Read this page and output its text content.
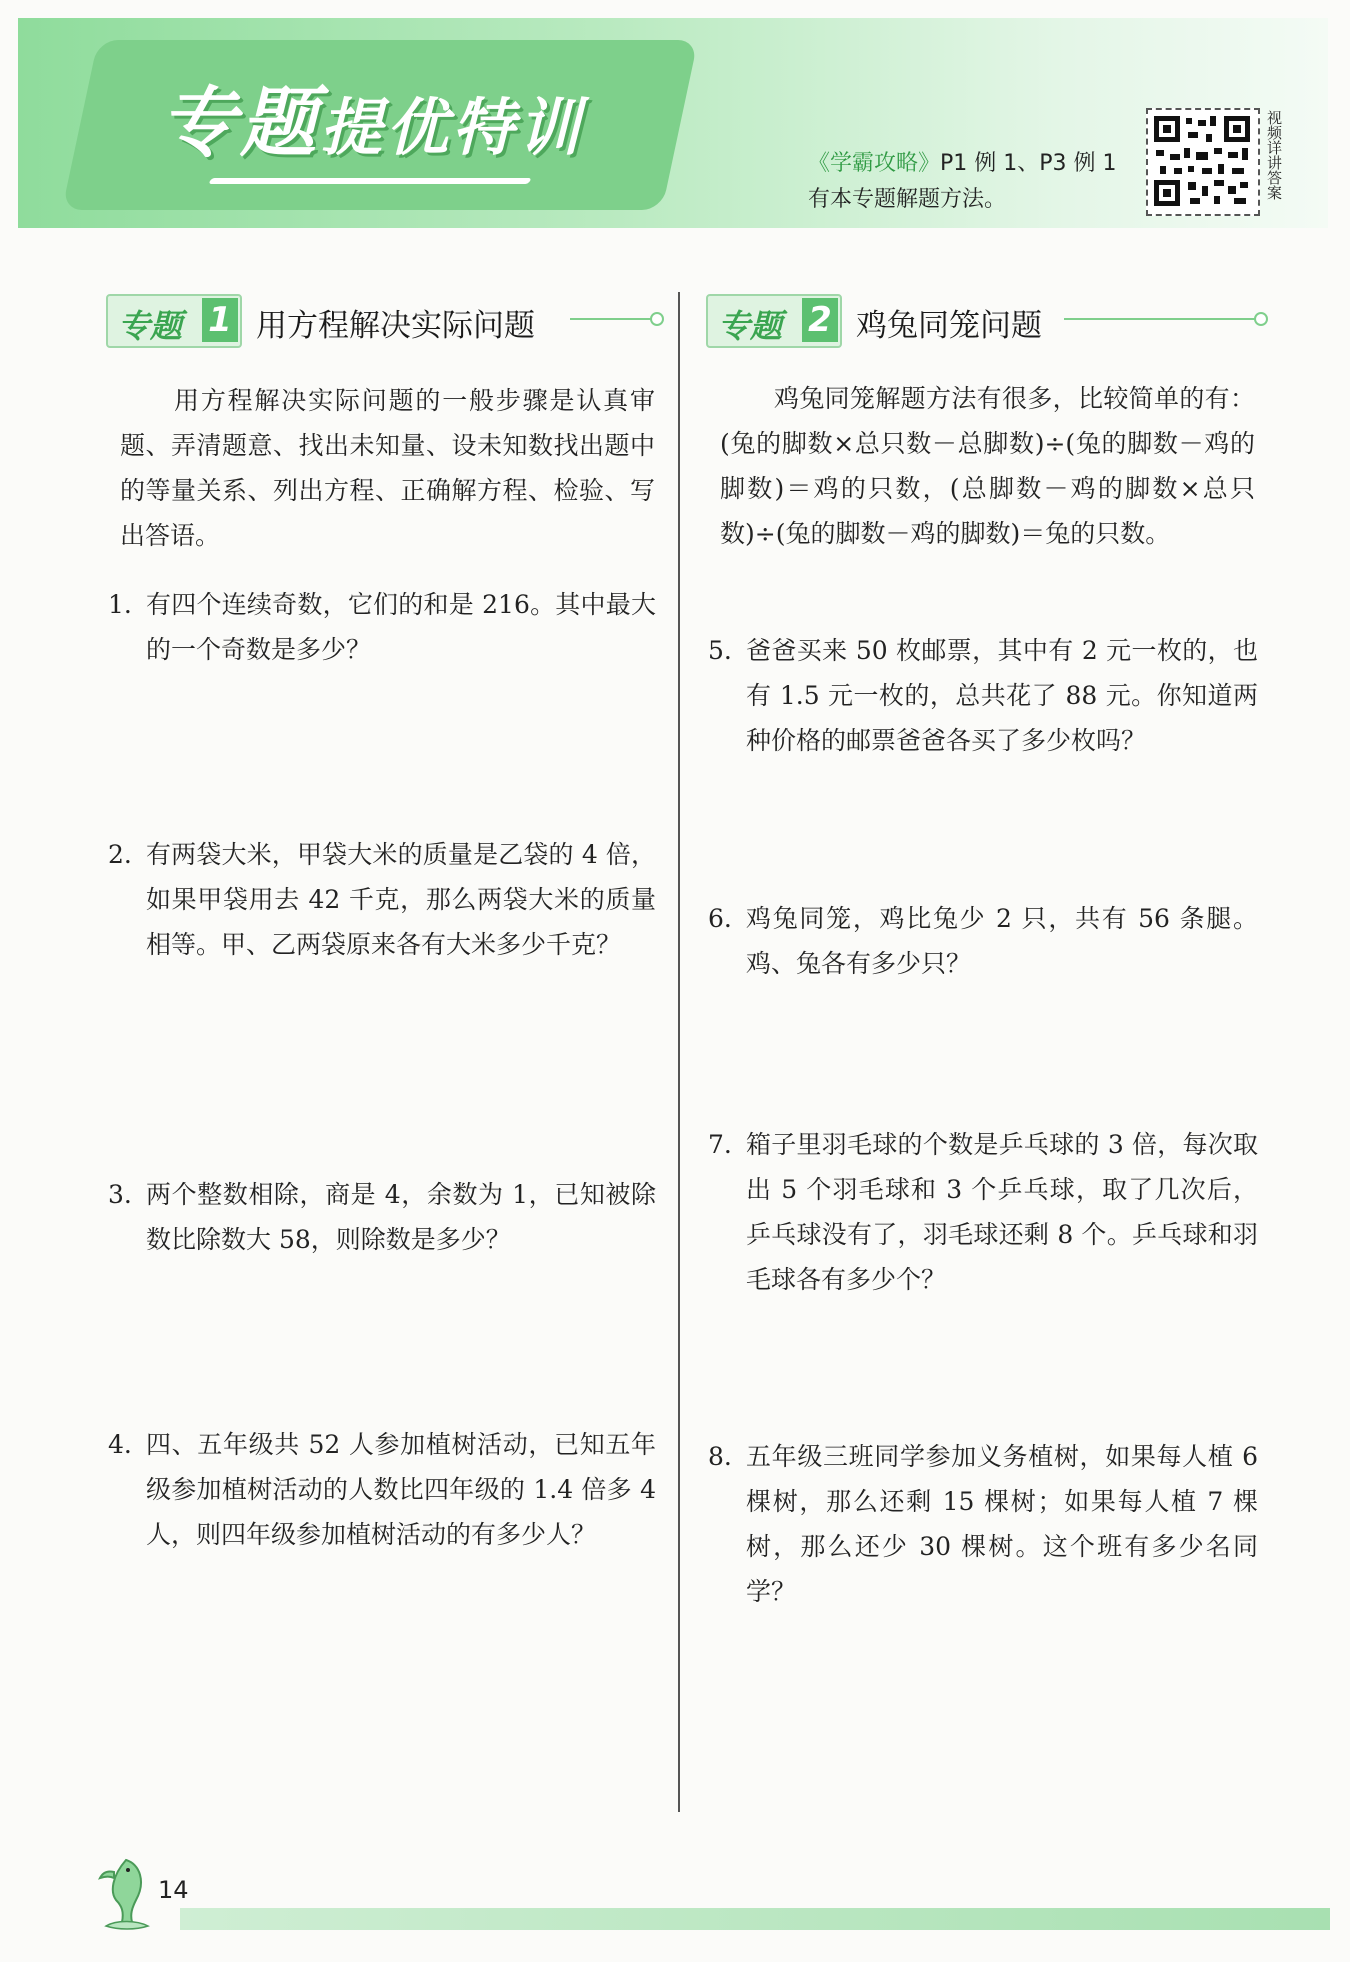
专题提优特训	《学霸攻略》P1 例 1、P3 例 1
有本专题解题方法。	视频详讲答案
专题 1 用方程解决实际问题

用方程解决实际问题的一般步骤是认真审题、弄清题意、找出未知量、设未知数找出题中的等量关系、列出方程、正确解方程、检验、写出答语。

1. 有四个连续奇数，它们的和是 216。其中最大的一个奇数是多少？
2. 有两袋大米，甲袋大米的质量是乙袋的 4 倍，如果甲袋用去 42 千克，那么两袋大米的质量相等。甲、乙两袋原来各有大米多少千克？
3. 两个整数相除，商是 4，余数为 1，已知被除数比除数大 58，则除数是多少？
4. 四、五年级共 52 人参加植树活动，已知五年级参加植树活动的人数比四年级的 1.4 倍多 4 人，则四年级参加植树活动的有多少人？
专题 2 鸡兔同笼问题

鸡兔同笼解题方法有很多，比较简单的有：(兔的脚数×总只数－总脚数)÷(兔的脚数－鸡的脚数)＝鸡的只数，(总脚数－鸡的脚数×总只数)÷(兔的脚数－鸡的脚数)＝兔的只数。

5. 爸爸买来 50 枚邮票，其中有 2 元一枚的，也有 1.5 元一枚的，总共花了 88 元。你知道两种价格的邮票爸爸各买了多少枚吗？
6. 鸡兔同笼，鸡比兔少 2 只，共有 56 条腿。鸡、兔各有多少只？
7. 箱子里羽毛球的个数是乒乓球的 3 倍，每次取出 5 个羽毛球和 3 个乒乓球，取了几次后，乒乓球没有了，羽毛球还剩 8 个。乒乓球和羽毛球各有多少个？
8. 五年级三班同学参加义务植树，如果每人植 6 棵树，那么还剩 15 棵树；如果每人植 7 棵树，那么还少 30 棵树。这个班有多少名同学？
14
